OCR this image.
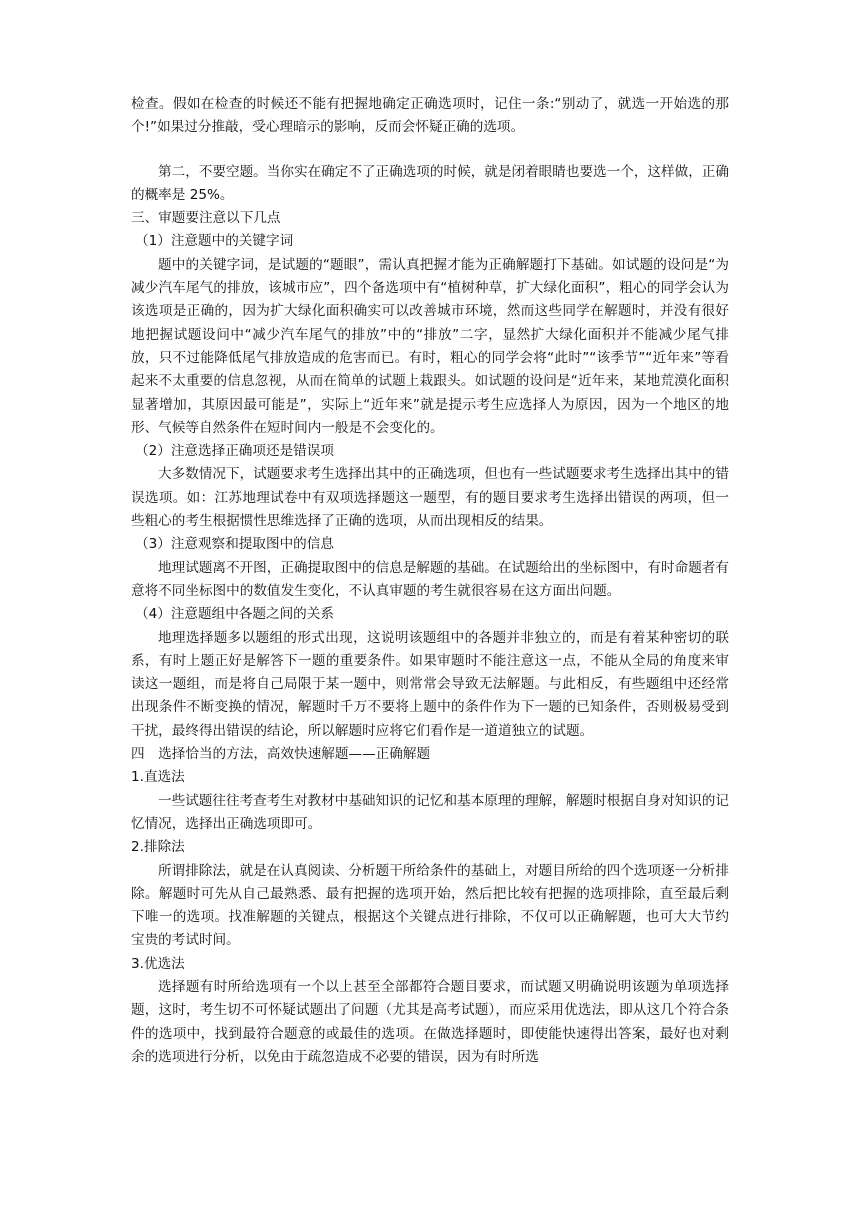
检查。假如在检查的时候还不能有把握地确定正确选项时，记住一条:“别动了，就选一开始选的那个!”如果过分推敲，受心理暗示的影响，反而会怀疑正确的选项。

第二，不要空题。当你实在确定不了正确选项的时候，就是闭着眼睛也要选一个，这样做，正确的概率是 25%。

三、审题要注意以下几点

（1）注意题中的关键字词

题中的关键字词，是试题的“题眼”，需认真把握才能为正确解题打下基础。如试题的设问是“为减少汽车尾气的排放，该城市应”，四个备选项中有“植树种草，扩大绿化面积”，粗心的同学会认为该选项是正确的，因为扩大绿化面积确实可以改善城市环境，然而这些同学在解题时，并没有很好地把握试题设问中“减少汽车尾气的排放”中的“排放”二字，显然扩大绿化面积并不能减少尾气排放，只不过能降低尾气排放造成的危害而已。有时，粗心的同学会将“此时”“该季节”“近年来”等看起来不太重要的信息忽视，从而在简单的试题上栽跟头。如试题的设问是“近年来，某地荒漠化面积显著增加，其原因最可能是”，实际上“近年来”就是提示考生应选择人为原因，因为一个地区的地形、气候等自然条件在短时间内一般是不会变化的。

（2）注意选择正确项还是错误项

大多数情况下，试题要求考生选择出其中的正确选项，但也有一些试题要求考生选择出其中的错误选项。如：江苏地理试卷中有双项选择题这一题型，有的题目要求考生选择出错误的两项，但一些粗心的考生根据惯性思维选择了正确的选项，从而出现相反的结果。

（3）注意观察和提取图中的信息

地理试题离不开图，正确提取图中的信息是解题的基础。在试题给出的坐标图中，有时命题者有意将不同坐标图中的数值发生变化，不认真审题的考生就很容易在这方面出问题。

（4）注意题组中各题之间的关系

地理选择题多以题组的形式出现，这说明该题组中的各题并非独立的，而是有着某种密切的联系，有时上题正好是解答下一题的重要条件。如果审题时不能注意这一点，不能从全局的角度来审读这一题组，而是将自己局限于某一题中，则常常会导致无法解题。与此相反，有些题组中还经常出现条件不断变换的情况，解题时千万不要将上题中的条件作为下一题的已知条件，否则极易受到干扰，最终得出错误的结论，所以解题时应将它们看作是一道道独立的试题。

四　选择恰当的方法，高效快速解题——正确解题

1.直选法

一些试题往往考查考生对教材中基础知识的记忆和基本原理的理解，解题时根据自身对知识的记忆情况，选择出正确选项即可。

2.排除法

所谓排除法，就是在认真阅读、分析题干所给条件的基础上，对题目所给的四个选项逐一分析排除。解题时可先从自己最熟悉、最有把握的选项开始，然后把比较有把握的选项排除，直至最后剩下唯一的选项。找准解题的关键点，根据这个关键点进行排除，不仅可以正确解题，也可大大节约宝贵的考试时间。

3.优选法

选择题有时所给选项有一个以上甚至全部都符合题目要求，而试题又明确说明该题为单项选择题，这时，考生切不可怀疑试题出了问题（尤其是高考试题），而应采用优选法，即从这几个符合条件的选项中，找到最符合题意的或最佳的选项。在做选择题时，即使能快速得出答案，最好也对剩余的选项进行分析，以免由于疏忽造成不必要的错误，因为有时所选
